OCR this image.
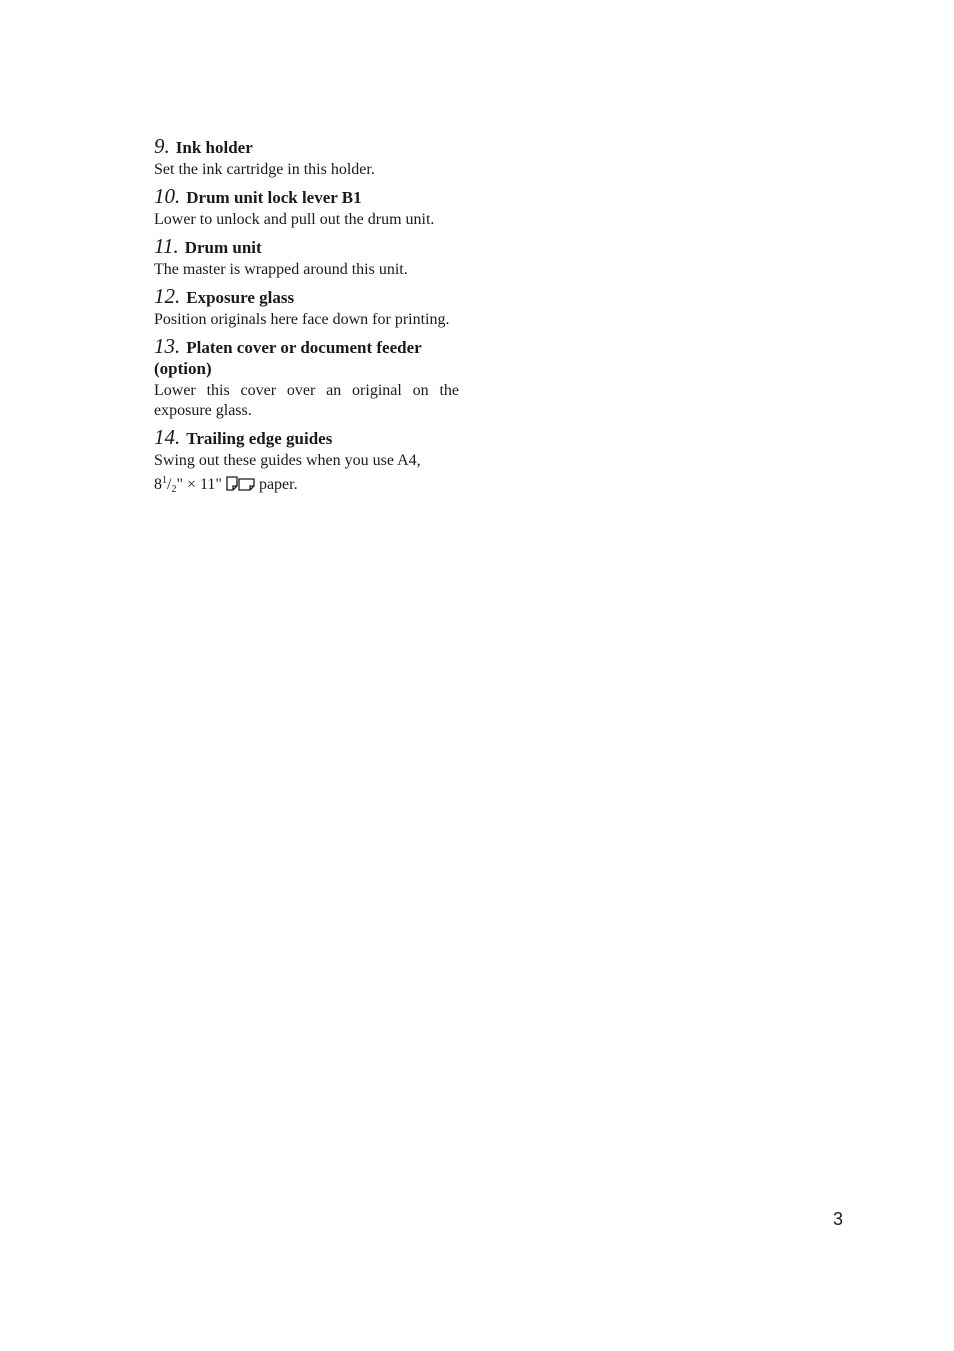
9. Ink holder

Set the ink cartridge in this holder.

10. Drum unit lock lever B1

Lower to unlock and pull out the drum unit.

11. Drum unit

The master is wrapped around this unit.

12. Exposure glass

Position originals here face down for printing.

13. Platen cover or document feeder (option)

Lower this cover over an original on the exposure glass.

14. Trailing edge guides

Swing out these guides when you use A4,
$8^1/_2$" × 11" paper.

3
